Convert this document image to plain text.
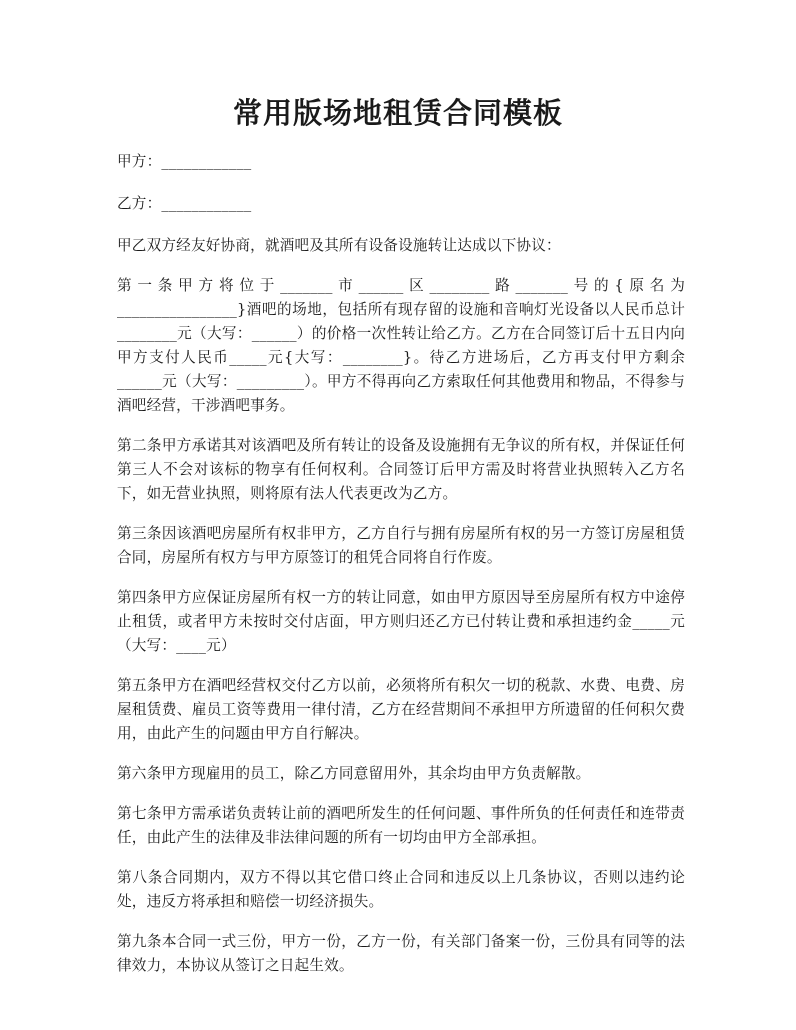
常用版场地租赁合同模板

甲方：____________

乙方：____________

甲乙双方经友好协商，就酒吧及其所有设备设施转让达成以下协议：

第一条甲方将位于_______市______区________路_______号的{原名为________________}酒吧的场地，包括所有现存留的设施和音响灯光设备以人民币总计________元（大写：______）的价格一次性转让给乙方。乙方在合同签订后十五日内向甲方支付人民币_____元{大写：________}。待乙方进场后，乙方再支付甲方剩余______元（大写：_________）。甲方不得再向乙方索取任何其他费用和物品，不得参与酒吧经营，干涉酒吧事务。

第二条甲方承诺其对该酒吧及所有转让的设备及设施拥有无争议的所有权，并保证任何第三人不会对该标的物享有任何权利。合同签订后甲方需及时将营业执照转入乙方名下，如无营业执照，则将原有法人代表更改为乙方。

第三条因该酒吧房屋所有权非甲方，乙方自行与拥有房屋所有权的另一方签订房屋租赁合同，房屋所有权方与甲方原签订的租凭合同将自行作废。

第四条甲方应保证房屋所有权一方的转让同意，如由甲方原因导至房屋所有权方中途停止租赁，或者甲方未按时交付店面，甲方则归还乙方已付转让费和承担违约金_____元（大写：____元）

第五条甲方在酒吧经营权交付乙方以前，必须将所有积欠一切的税款、水费、电费、房屋租赁费、雇员工资等费用一律付清，乙方在经营期间不承担甲方所遗留的任何积欠费用，由此产生的问题由甲方自行解决。

第六条甲方现雇用的员工，除乙方同意留用外，其余均由甲方负责解散。

第七条甲方需承诺负责转让前的酒吧所发生的任何问题、事件所负的任何责任和连带责任，由此产生的法律及非法律问题的所有一切均由甲方全部承担。

第八条合同期内，双方不得以其它借口终止合同和违反以上几条协议，否则以违约论处，违反方将承担和赔偿一切经济损失。

第九条本合同一式三份，甲方一份，乙方一份，有关部门备案一份，三份具有同等的法律效力，本协议从签订之日起生效。
